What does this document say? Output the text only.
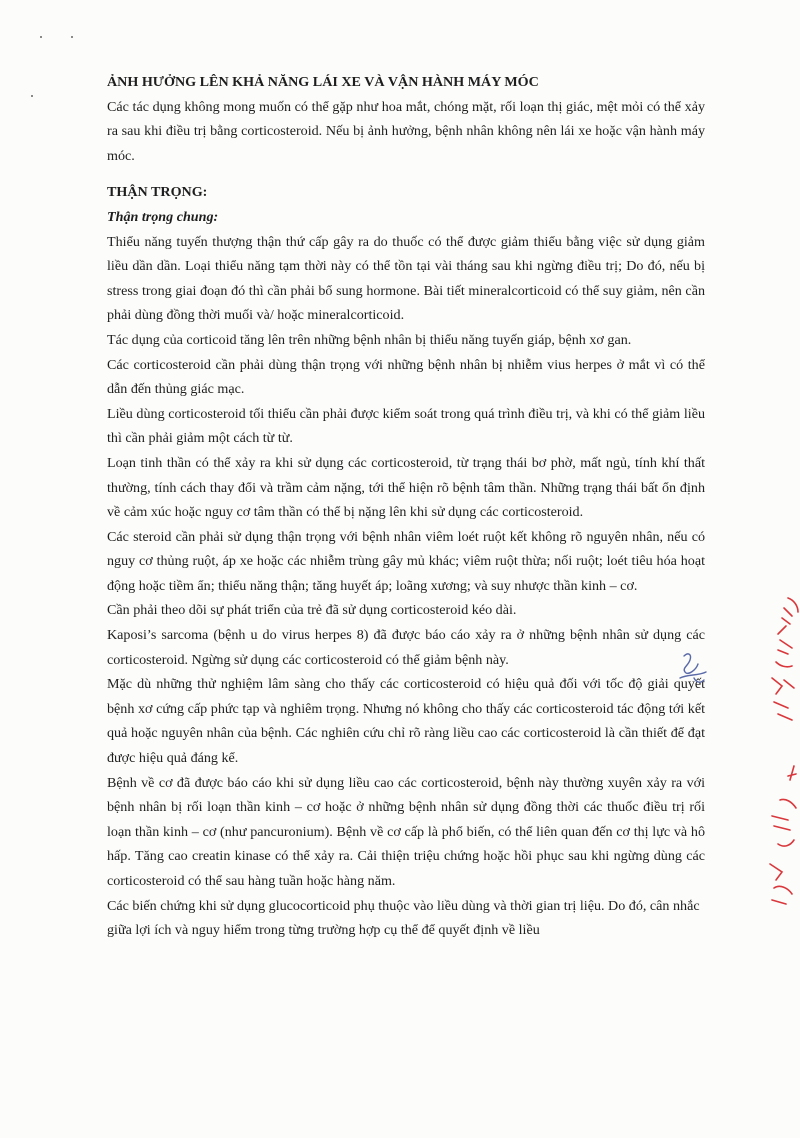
ẢNH HƯỞNG LÊN KHẢ NĂNG LÁI XE VÀ VẬN HÀNH MÁY MÓC

Các tác dụng không mong muốn có thể gặp như hoa mắt, chóng mặt, rối loạn thị giác, mệt mỏi có thể xảy ra sau khi điều trị bằng corticosteroid. Nếu bị ảnh hưởng, bệnh nhân không nên lái xe hoặc vận hành máy móc.

THẬN TRỌNG:
Thận trọng chung:

Thiểu năng tuyến thượng thận thứ cấp gây ra do thuốc có thể được giảm thiểu bằng việc sử dụng giảm liều dần dần. Loại thiểu năng tạm thời này có thể tồn tại vài tháng sau khi ngừng điều trị; Do đó, nếu bị stress trong giai đoạn đó thì cần phải bổ sung hormone. Bài tiết mineralcorticoid có thể suy giảm, nên cần phải dùng đồng thời muối và/ hoặc mineralcorticoid.

Tác dụng của corticoid tăng lên trên những bệnh nhân bị thiểu năng tuyến giáp, bệnh xơ gan.

Các corticosteroid cần phải dùng thận trọng với những bệnh nhân bị nhiễm vius herpes ở mắt vì có thể dẫn đến thủng giác mạc.

Liều dùng corticosteroid tối thiểu cần phải được kiểm soát trong quá trình điều trị, và khi có thể giảm liều thì cần phải giảm một cách từ từ.

Loạn tinh thần có thể xảy ra khi sử dụng các corticosteroid, từ trạng thái bơ phờ, mất ngủ, tính khí thất thường, tính cách thay đổi và trầm cảm nặng, tới thể hiện rõ bệnh tâm thần. Những trạng thái bất ổn định về cảm xúc hoặc nguy cơ tâm thần có thể bị nặng lên khi sử dụng các corticosteroid.

Các steroid cần phải sử dụng thận trọng với bệnh nhân viêm loét ruột kết không rõ nguyên nhân, nếu có nguy cơ thủng ruột, áp xe hoặc các nhiễm trùng gây mủ khác; viêm ruột thừa; nối ruột; loét tiêu hóa hoạt động hoặc tiềm ẩn; thiểu năng thận; tăng huyết áp; loãng xương; và suy nhược thần kinh – cơ.

Cần phải theo dõi sự phát triển của trẻ đã sử dụng corticosteroid kéo dài.

Kaposi’s sarcoma (bệnh u do virus herpes 8) đã được báo cáo xảy ra ở những bệnh nhân sử dụng các corticosteroid. Ngừng sử dụng các corticosteroid có thể giảm bệnh này.

Mặc dù những thử nghiệm lâm sàng cho thấy các corticosteroid có hiệu quả đối với tốc độ giải quyết bệnh xơ cứng cấp phức tạp và nghiêm trọng. Nhưng nó không cho thấy các corticosteroid tác động tới kết quả hoặc nguyên nhân của bệnh. Các nghiên cứu chỉ rõ ràng liều cao các corticosteroid là cần thiết để đạt được hiệu quả đáng kể.

Bệnh về cơ đã được báo cáo khi sử dụng liều cao các corticosteroid, bệnh này thường xuyên xảy ra với bệnh nhân bị rối loạn thần kinh – cơ hoặc ở những bệnh nhân sử dụng đồng thời các thuốc điều trị rối loạn thần kinh – cơ (như pancuronium). Bệnh về cơ cấp là phổ biến, có thể liên quan đến cơ thị lực và hô hấp. Tăng cao creatin kinase có thể xảy ra. Cải thiện triệu chứng hoặc hồi phục sau khi ngừng dùng các corticosteroid có thể sau hàng tuần hoặc hàng năm.

Các biến chứng khi sử dụng glucocorticoid phụ thuộc vào liều dùng và thời gian trị liệu. Do đó, cân nhắc giữa lợi ích và nguy hiểm trong từng trường hợp cụ thể để quyết định về liều
